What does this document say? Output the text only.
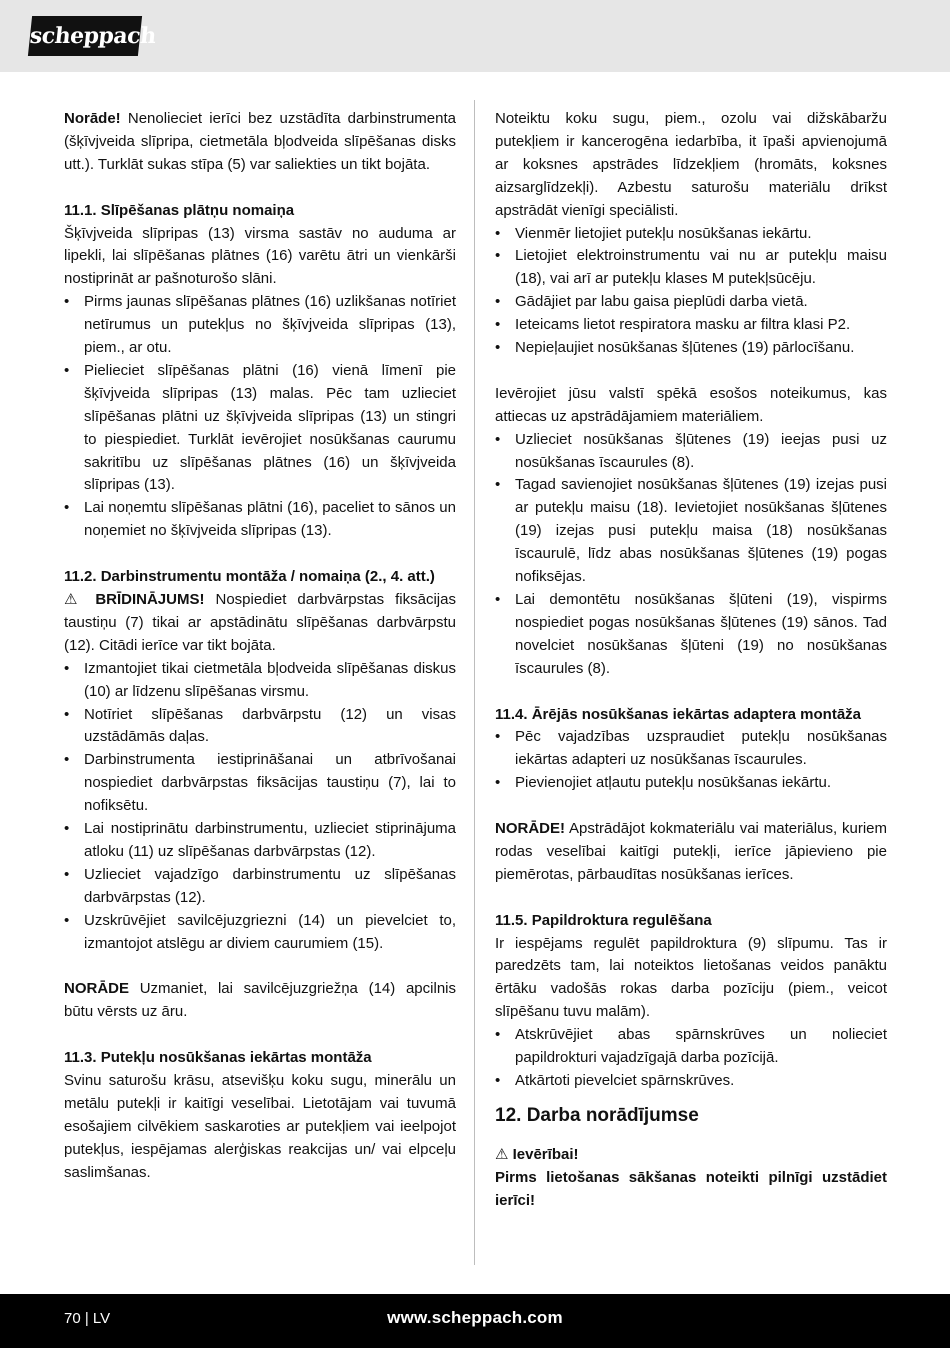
scheppach

Norāde! Nenolieciet ierīci bez uzstādīta darbinstrumenta (šķīvjveida slīpripa, cietmetāla bļodveida slīpēšanas disks utt.). Turklāt sukas stīpa (5) var saliekties un tikt bojāta.

11.1. Slīpēšanas plātņu nomaiņa

Šķīvjveida slīpripas (13) virsma sastāv no auduma ar lipekli, lai slīpēšanas plātnes (16) varētu ātri un vienkārši nostiprināt ar pašnoturošo slāni.

• Pirms jaunas slīpēšanas plātnes (16) uzlikšanas notīriet netīrumus un putekļus no šķīvjveida slīpripas (13), piem., ar otu.
• Pielieciet slīpēšanas plātni (16) vienā līmenī pie šķīvjveida slīpripas (13) malas. Pēc tam uzlieciet slīpēšanas plātni uz šķīvjveida slīpripas (13) un stingri to piespiediet. Turklāt ievērojiet nosūkšanas caurumu sakritību uz slīpēšanas plātnes (16) un šķīvjveida slīpripas (13).
• Lai noņemtu slīpēšanas plātni (16), paceliet to sānos un noņemiet no šķīvjveida slīpripas (13).
11.2. Darbinstrumentu montāža / nomaiņa (2., 4. att.)

⚠ BRĪDINĀJUMS! Nospiediet darbvārpstas fiksācijas taustiņu (7) tikai ar apstādinātu slīpēšanas darbvārpstu (12). Citādi ierīce var tikt bojāta.

• Izmantojiet tikai cietmetāla bļodveida slīpēšanas diskus (10) ar līdzenu slīpēšanas virsmu.
• Notīriet slīpēšanas darbvārpstu (12) un visas uzstādāmās daļas.
• Darbinstrumenta iestiprināšanai un atbrīvošanai nospiediet darbvārpstas fiksācijas taustiņu (7), lai to nofiksētu.
• Lai nostiprinātu darbinstrumentu, uzlieciet stiprinājuma atloku (11) uz slīpēšanas darbvārpstas (12).
• Uzlieciet vajadzīgo darbinstrumentu uz slīpēšanas darbvārpstas (12).
• Uzskrūvējiet savilcējuzgriezni (14) un pievelciet to, izmantojot atslēgu ar diviem caurumiem (15).

NORĀDE Uzmaniet, lai savilcējuzgriežņa (14) apcilnis būtu vērsts uz āru.

11.3. Putekļu nosūkšanas iekārtas montāža

Svinu saturošu krāsu, atsevišķu koku sugu, minerālu un metālu putekļi ir kaitīgi veselībai. Lietotājam vai tuvumā esošajiem cilvēkiem saskaroties ar putekļiem vai ieelpojot putekļus, iespējamas alerģiskas reakcijas un/ vai elpceļu saslimšanas.

Noteiktu koku sugu, piem., ozolu vai dižskābaržu putekļiem ir kancerogēna iedarbība, it īpaši apvienojumā ar koksnes apstrādes līdzekļiem (hromāts, koksnes aizsarglīdzekļi). Azbestu saturošu materiālu drīkst apstrādāt vienīgi speciālisti.

• Vienmēr lietojiet putekļu nosūkšanas iekārtu.
• Lietojiet elektroinstrumentu vai nu ar putekļu maisu (18), vai arī ar putekļu klases M putekļsūcēju.
• Gādājiet par labu gaisa pieplūdi darba vietā.
• Ieteicams lietot respiratora masku ar filtra klasi P2.
• Nepieļaujiet nosūkšanas šļūtenes (19) pārlocīšanu.

Ievērojiet jūsu valstī spēkā esošos noteikumus, kas attiecas uz apstrādājamiem materiāliem.

• Uzlieciet nosūkšanas šļūtenes (19) ieejas pusi uz nosūkšanas īscaurules (8).
• Tagad savienojiet nosūkšanas šļūtenes (19) izejas pusi ar putekļu maisu (18). Ievietojiet nosūkšanas šļūtenes (19) izejas pusi putekļu maisa (18) nosūkšanas īscaurulē, līdz abas nosūkšanas šļūtenes (19) pogas nofiksējas.
• Lai demontētu nosūkšanas šļūteni (19), vispirms nospiediet pogas nosūkšanas šļūtenes (19) sānos. Tad novelciet nosūkšanas šļūteni (19) no nosūkšanas īscaurules (8).
11.4. Ārējās nosūkšanas iekārtas adaptera montāža
• Pēc vajadzības uzspraudiet putekļu nosūkšanas iekārtas adapteri uz nosūkšanas īscaurules.
• Pievienojiet atļautu putekļu nosūkšanas iekārtu.

NORĀDE! Apstrādājot kokmateriālu vai materiālus, kuriem rodas veselībai kaitīgi putekļi, ierīce jāpievieno pie piemērotas, pārbaudītas nosūkšanas ierīces.

11.5. Papildroktura regulēšana

Ir iespējams regulēt papildrokturа (9) slīpumu. Tas ir paredzēts tam, lai noteiktos lietošanas veidos panāktu ērtāku vadošās rokas darba pozīciju (piem., veicot slīpēšanu tuvu malām).

• Atskrūvējiet abas spārnskrūves un nolieciet papildrokturi vajadzīgajā darba pozīcijā.
• Atkārtoti pievelciet spārnskrūves.
12. Darba norādījumse
⚠ Ievērībai!

Pirms lietošanas sākšanas noteikti pilnīgi uzstādiet ierīci!

70 | LV	www.scheppach.com
